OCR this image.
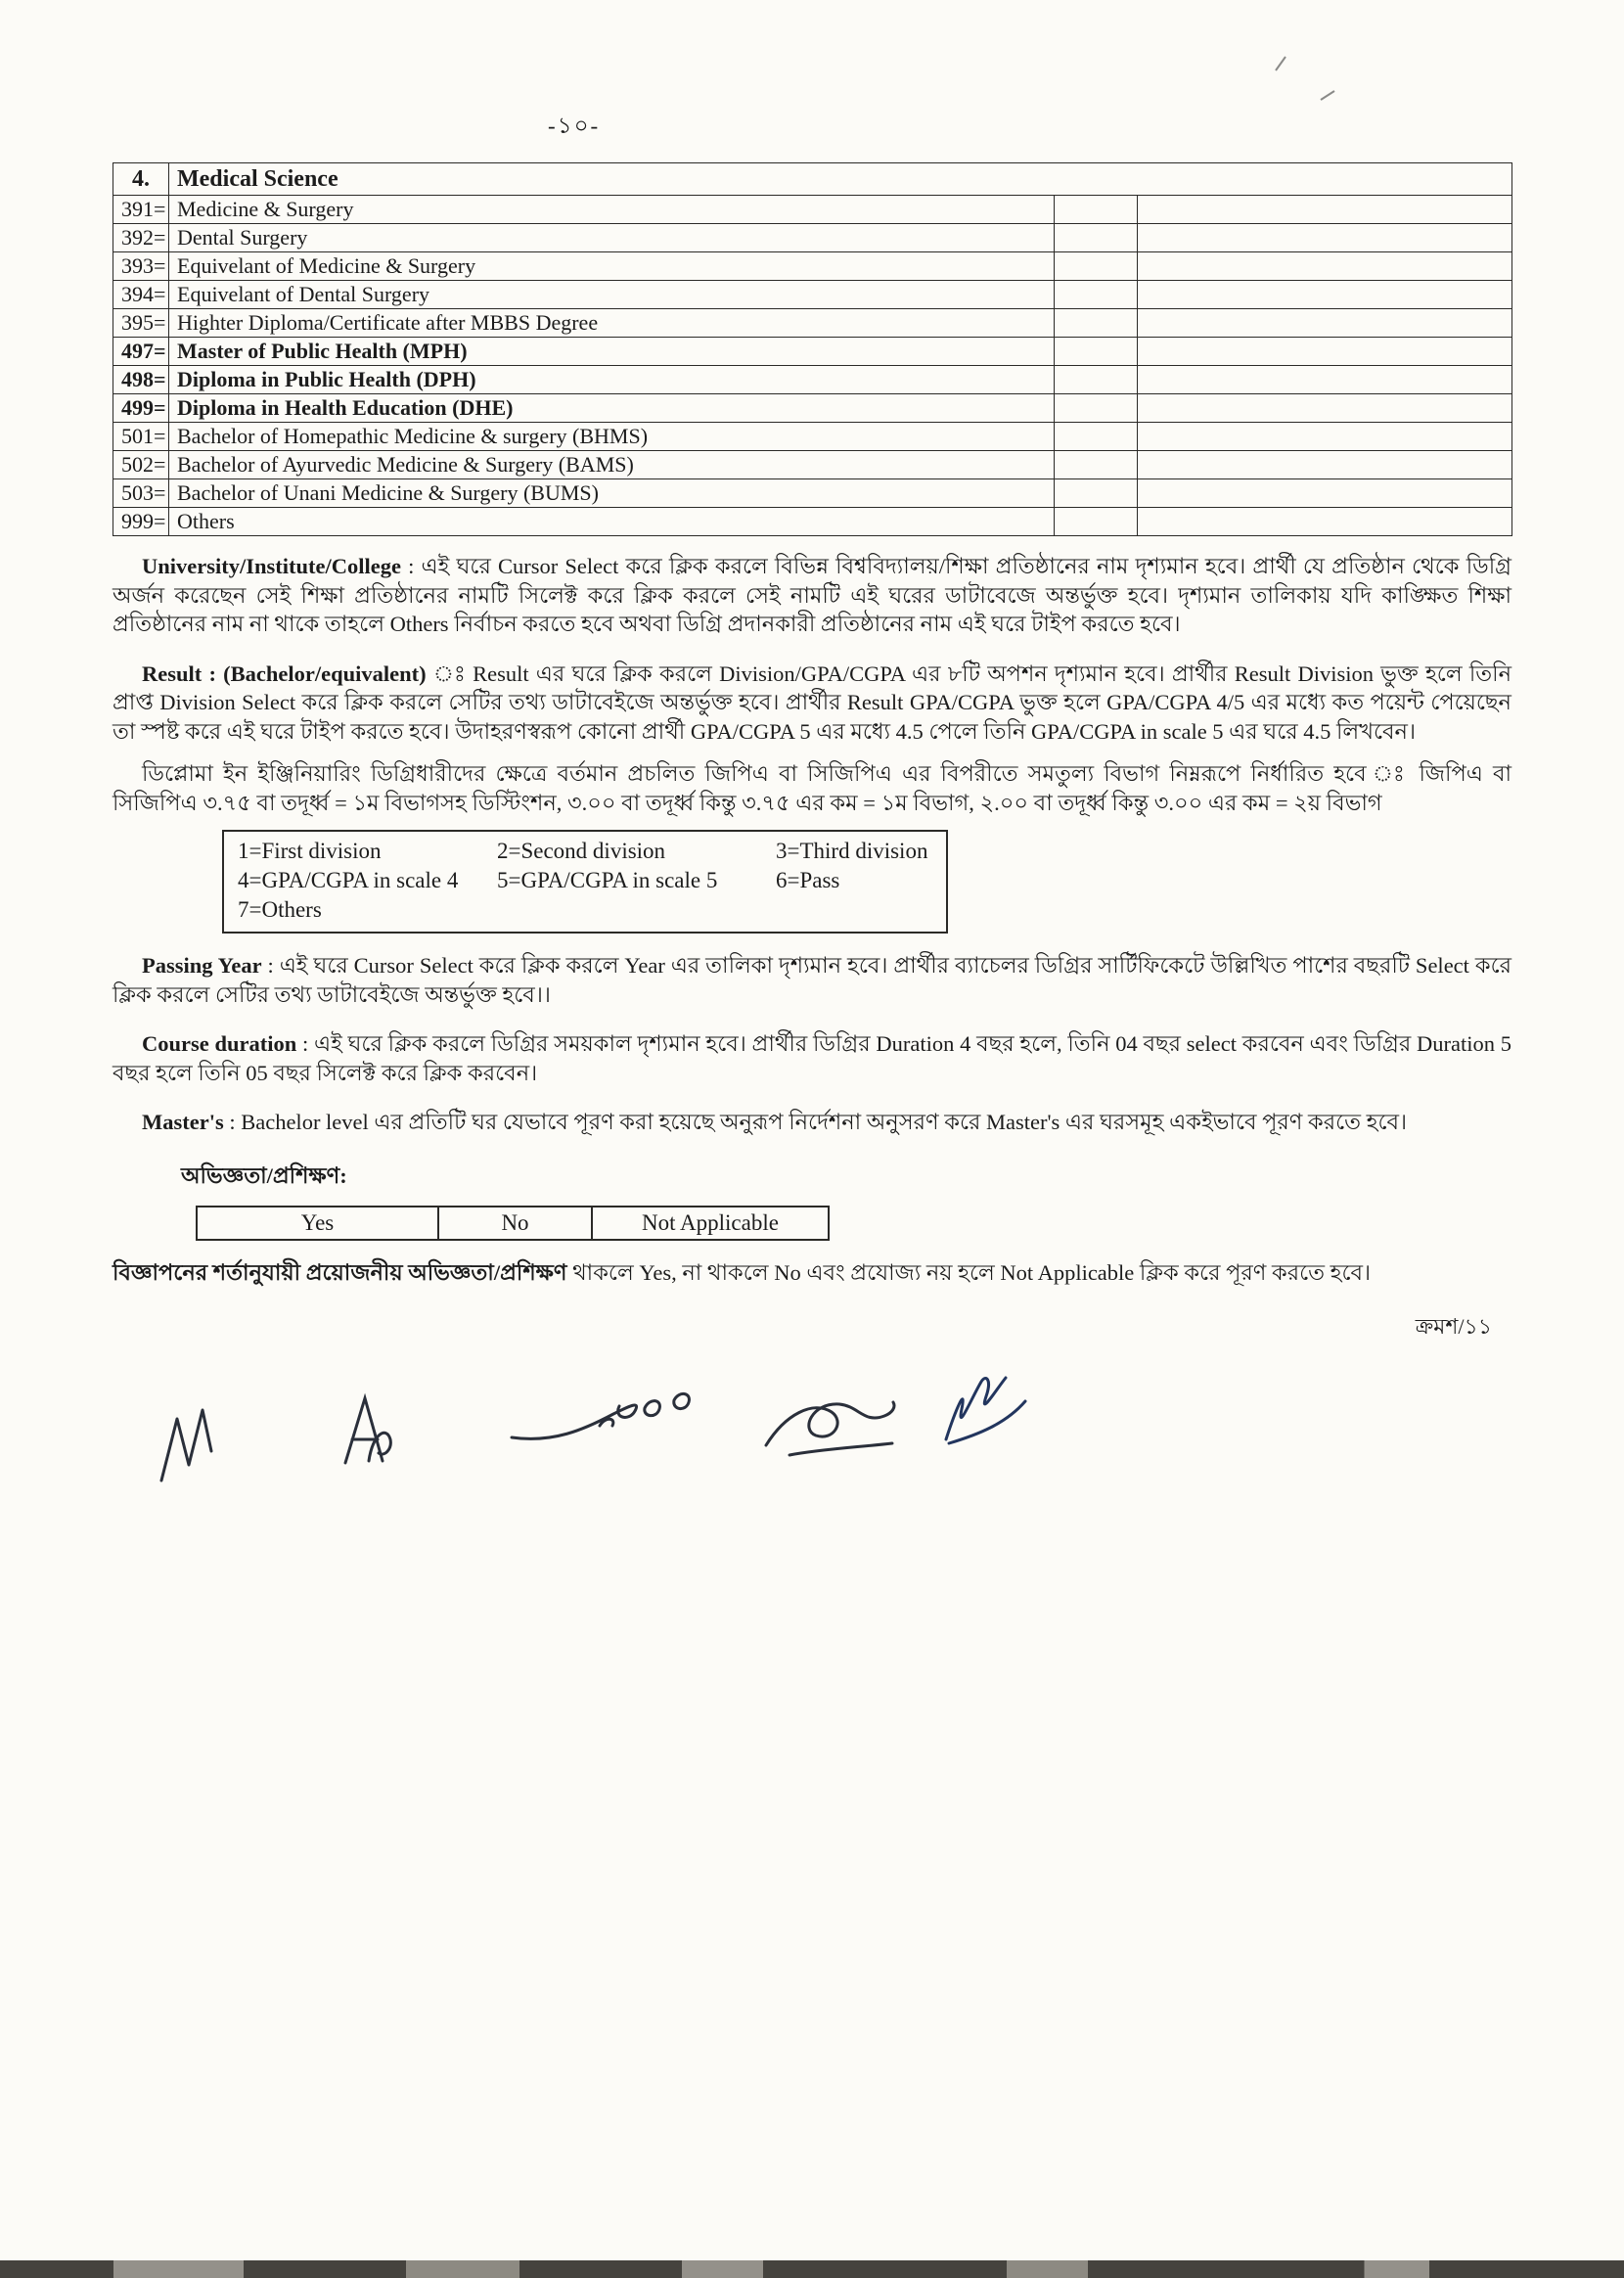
-১০-
4.	Medical Science		
391=	Medicine & Surgery		
392=	Dental Surgery		
393=	Equivelant of Medicine & Surgery		
394=	Equivelant of Dental Surgery		
395=	Highter Diploma/Certificate after MBBS Degree		
497=	Master of Public Health (MPH)		
498=	Diploma in Public Health (DPH)		
499=	Diploma in Health Education (DHE)		
501=	Bachelor of Homepathic Medicine & surgery (BHMS)		
502=	Bachelor of Ayurvedic Medicine & Surgery (BAMS)		
503=	Bachelor of Unani Medicine & Surgery (BUMS)		
999=	Others		

University/Institute/College : এই ঘরে Cursor Select করে ক্লিক করলে বিভিন্ন বিশ্ববিদ্যালয়/শিক্ষা প্রতিষ্ঠানের নাম দৃশ্যমান হবে। প্রার্থী যে প্রতিষ্ঠান থেকে ডিগ্রি অর্জন করেছেন সেই শিক্ষা প্রতিষ্ঠানের নামটি সিলেক্ট করে ক্লিক করলে সেই নামটি এই ঘরের ডাটাবেজে অন্তর্ভুক্ত হবে। দৃশ্যমান তালিকায় যদি কাঙ্ক্ষিত শিক্ষা প্রতিষ্ঠানের নাম না থাকে তাহলে Others নির্বাচন করতে হবে অথবা ডিগ্রি প্রদানকারী প্রতিষ্ঠানের নাম এই ঘরে টাইপ করতে হবে।

Result : (Bachelor/equivalent) ঃ Result এর ঘরে ক্লিক করলে Division/GPA/CGPA এর ৮টি অপশন দৃশ্যমান হবে। প্রার্থীর Result Division ভুক্ত হলে তিনি প্রাপ্ত Division Select করে ক্লিক করলে সেটির তথ্য ডাটাবেইজে অন্তর্ভুক্ত হবে। প্রার্থীর Result GPA/CGPA ভুক্ত হলে GPA/CGPA 4/5 এর মধ্যে কত পয়েন্ট পেয়েছেন তা স্পষ্ট করে এই ঘরে টাইপ করতে হবে। উদাহরণস্বরূপ কোনো প্রার্থী GPA/CGPA 5 এর মধ্যে 4.5 পেলে তিনি GPA/CGPA in scale 5 এর ঘরে 4.5 লিখবেন।

ডিপ্লোমা ইন ইঞ্জিনিয়ারিং ডিগ্রিধারীদের ক্ষেত্রে বর্তমান প্রচলিত জিপিএ বা সিজিপিএ এর বিপরীতে সমতুল্য বিভাগ নিম্নরূপে নির্ধারিত হবে ঃ জিপিএ বা সিজিপিএ ৩.৭৫ বা তদূর্ধ্ব = ১ম বিভাগসহ ডিস্টিংশন, ৩.০০ বা তদূর্ধ্ব কিন্তু ৩.৭৫ এর কম = ১ম বিভাগ, ২.০০ বা তদূর্ধ্ব কিন্তু ৩.০০ এর কম = ২য় বিভাগ

1=First division	2=Second division	3=Third division
4=GPA/CGPA in scale 4	5=GPA/CGPA in scale 5	6=Pass
7=Others

Passing Year : এই ঘরে Cursor Select করে ক্লিক করলে Year এর তালিকা দৃশ্যমান হবে। প্রার্থীর ব্যাচেলর ডিগ্রির সার্টিফিকেটে উল্লিখিত পাশের বছরটি Select করে ক্লিক করলে সেটির তথ্য ডাটাবেইজে অন্তর্ভুক্ত হবে।।

Course duration : এই ঘরে ক্লিক করলে ডিগ্রির সময়কাল দৃশ্যমান হবে। প্রার্থীর ডিগ্রির Duration 4 বছর হলে, তিনি 04 বছর select করবেন এবং ডিগ্রির Duration 5 বছর হলে তিনি 05 বছর সিলেক্ট করে ক্লিক করবেন।

Master's : Bachelor level এর প্রতিটি ঘর যেভাবে পূরণ করা হয়েছে অনুরূপ নির্দেশনা অনুসরণ করে Master's এর ঘরসমূহ একইভাবে পূরণ করতে হবে।

অভিজ্ঞতা/প্রশিক্ষণ:
Yes	No	Not Applicable

বিজ্ঞাপনের শর্তানুযায়ী প্রয়োজনীয় অভিজ্ঞতা/প্রশিক্ষণ থাকলে Yes, না থাকলে No এবং প্রযোজ্য নয় হলে Not Applicable ক্লিক করে পূরণ করতে হবে।

ক্রমশ/১১
